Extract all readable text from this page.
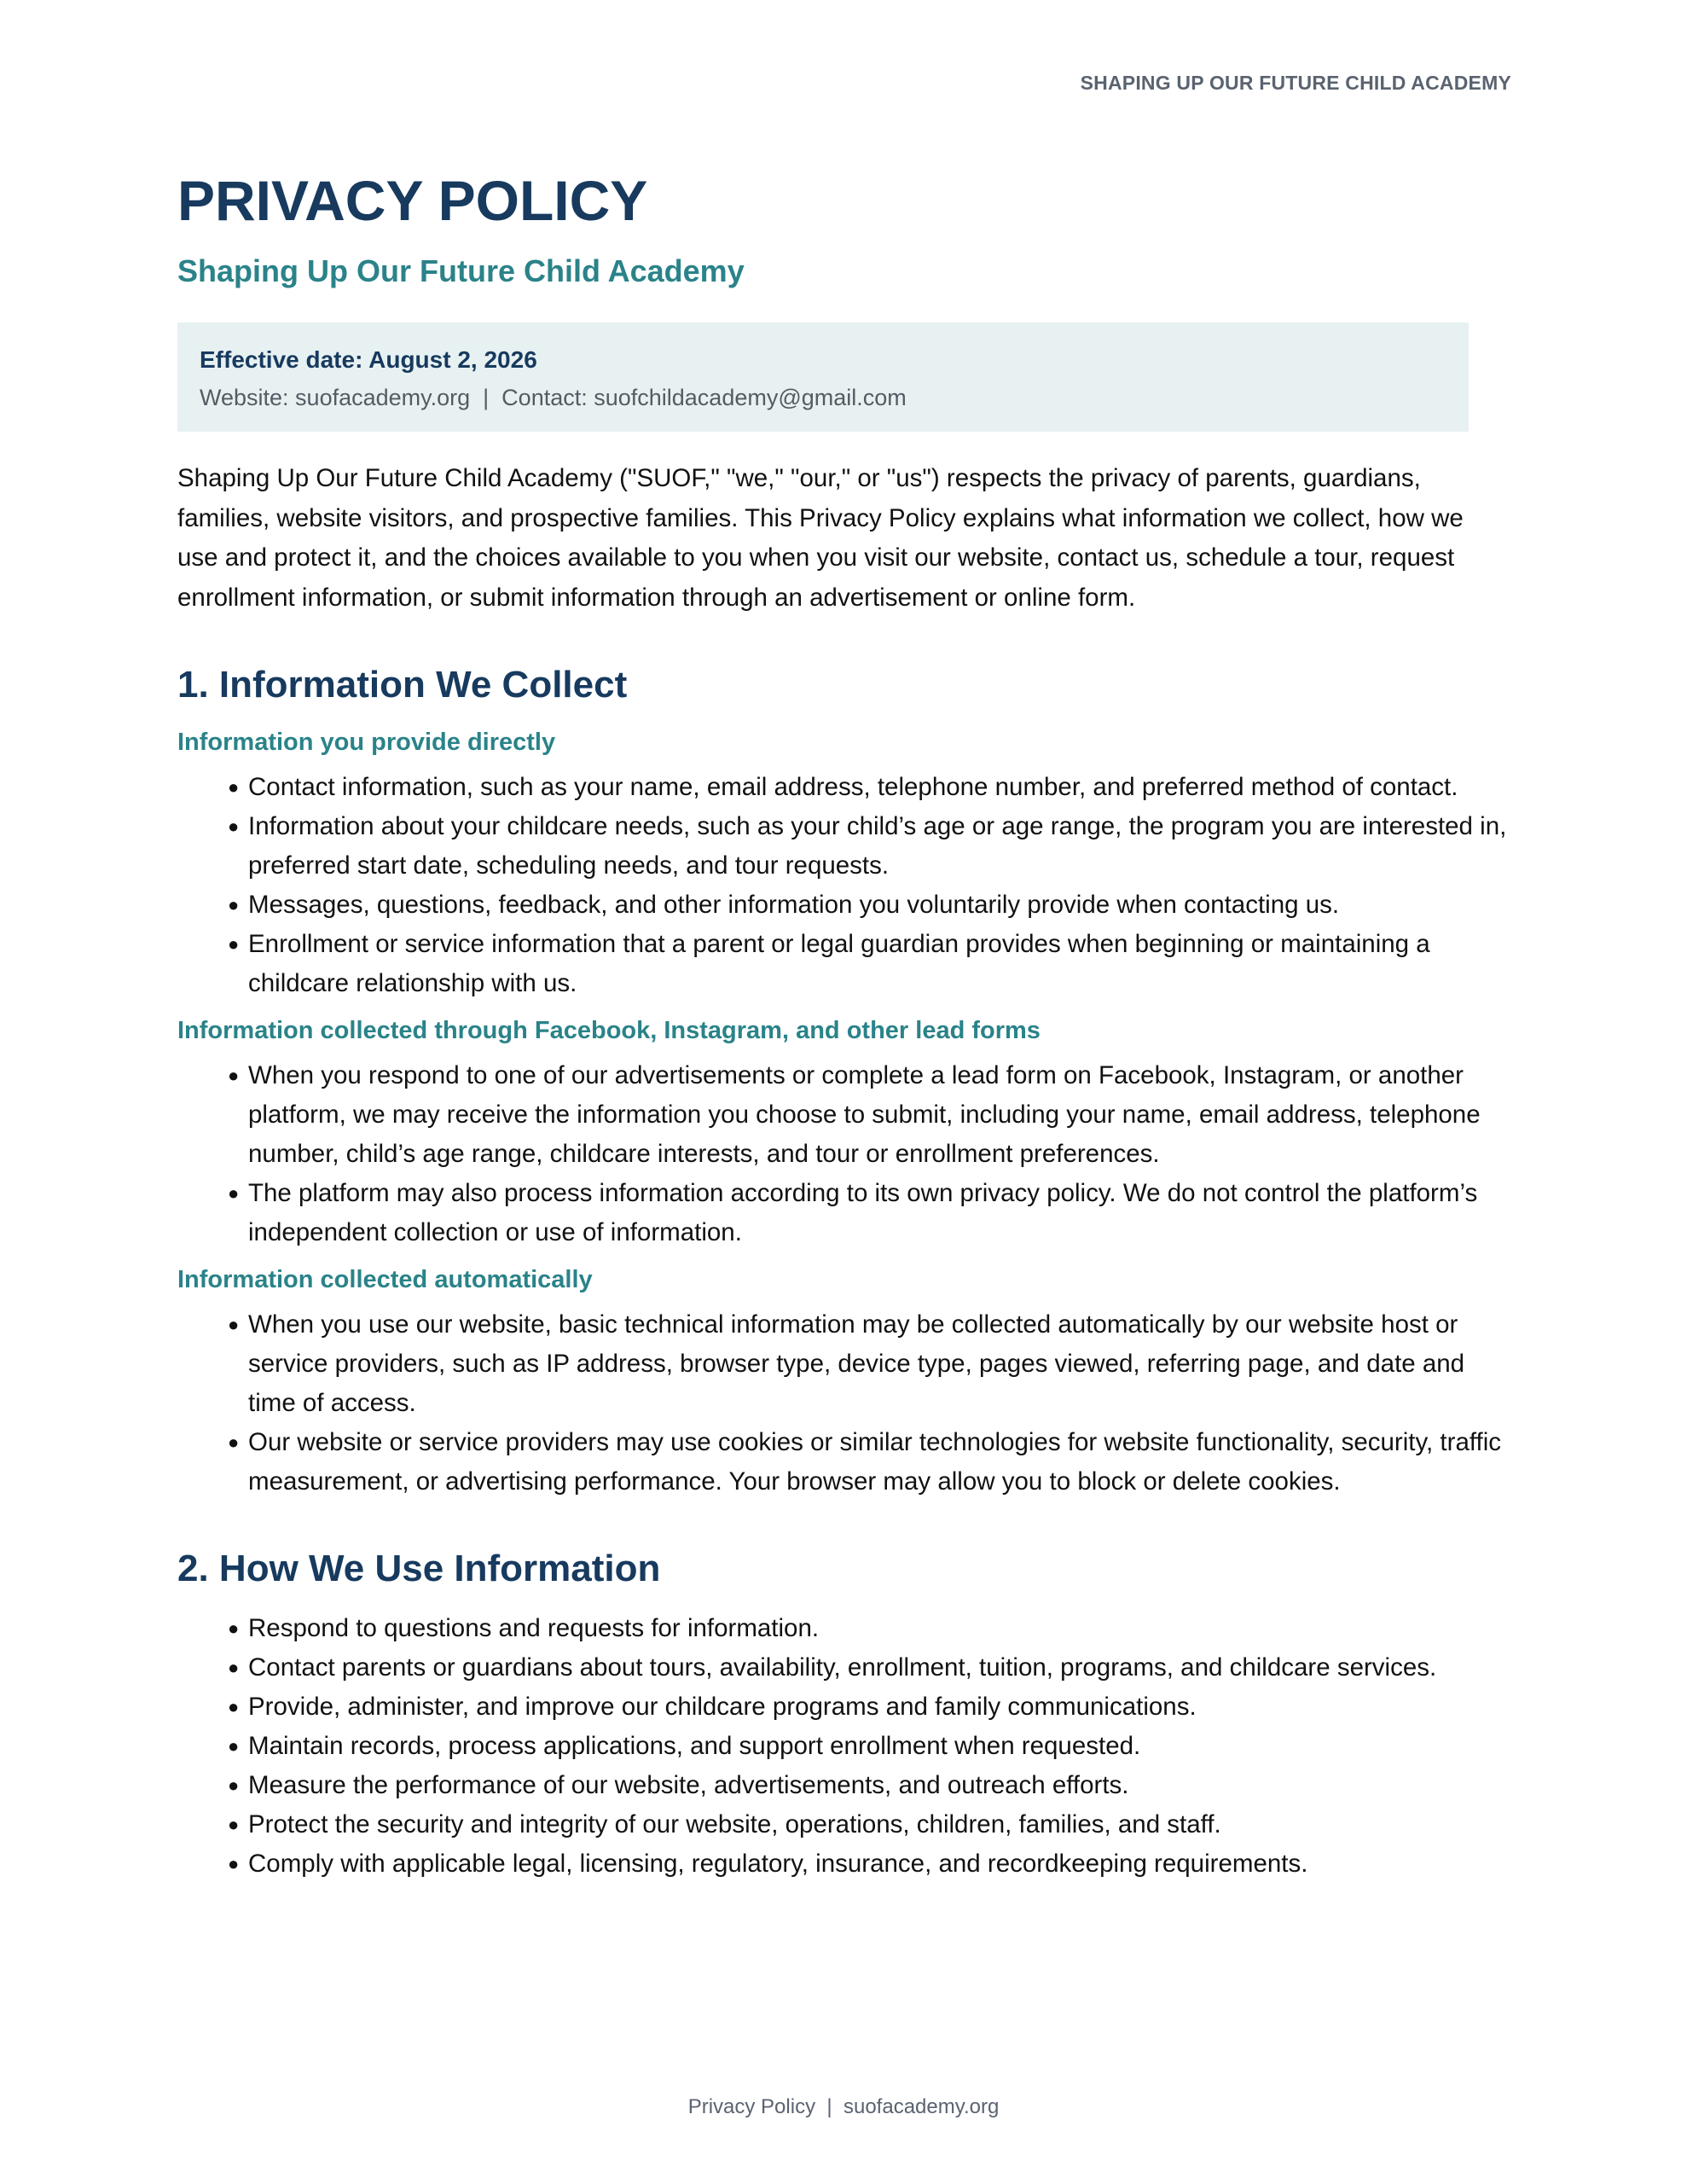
SHAPING UP OUR FUTURE CHILD ACADEMY
PRIVACY POLICY
Shaping Up Our Future Child Academy
Effective date: August 2, 2026
Website: suofacademy.org  |  Contact: suofchildacademy@gmail.com

Shaping Up Our Future Child Academy ("SUOF," "we," "our," or "us") respects the privacy of parents, guardians, families, website visitors, and prospective families. This Privacy Policy explains what information we collect, how we use and protect it, and the choices available to you when you visit our website, contact us, schedule a tour, request enrollment information, or submit information through an advertisement or online form.

1. Information We Collect
Information you provide directly
● Contact information, such as your name, email address, telephone number, and preferred method of contact.
● Information about your childcare needs, such as your child’s age or age range, the program you are interested in, preferred start date, scheduling needs, and tour requests.
● Messages, questions, feedback, and other information you voluntarily provide when contacting us.
● Enrollment or service information that a parent or legal guardian provides when beginning or maintaining a childcare relationship with us.
Information collected through Facebook, Instagram, and other lead forms
● When you respond to one of our advertisements or complete a lead form on Facebook, Instagram, or another platform, we may receive the information you choose to submit, including your name, email address, telephone number, child’s age range, childcare interests, and tour or enrollment preferences.
● The platform may also process information according to its own privacy policy. We do not control the platform’s independent collection or use of information.
Information collected automatically
● When you use our website, basic technical information may be collected automatically by our website host or service providers, such as IP address, browser type, device type, pages viewed, referring page, and date and time of access.
● Our website or service providers may use cookies or similar technologies for website functionality, security, traffic measurement, or advertising performance. Your browser may allow you to block or delete cookies.
2. How We Use Information
● Respond to questions and requests for information.
● Contact parents or guardians about tours, availability, enrollment, tuition, programs, and childcare services.
● Provide, administer, and improve our childcare programs and family communications.
● Maintain records, process applications, and support enrollment when requested.
● Measure the performance of our website, advertisements, and outreach efforts.
● Protect the security and integrity of our website, operations, children, families, and staff.
● Comply with applicable legal, licensing, regulatory, insurance, and recordkeeping requirements.
Privacy Policy  |  suofacademy.org
